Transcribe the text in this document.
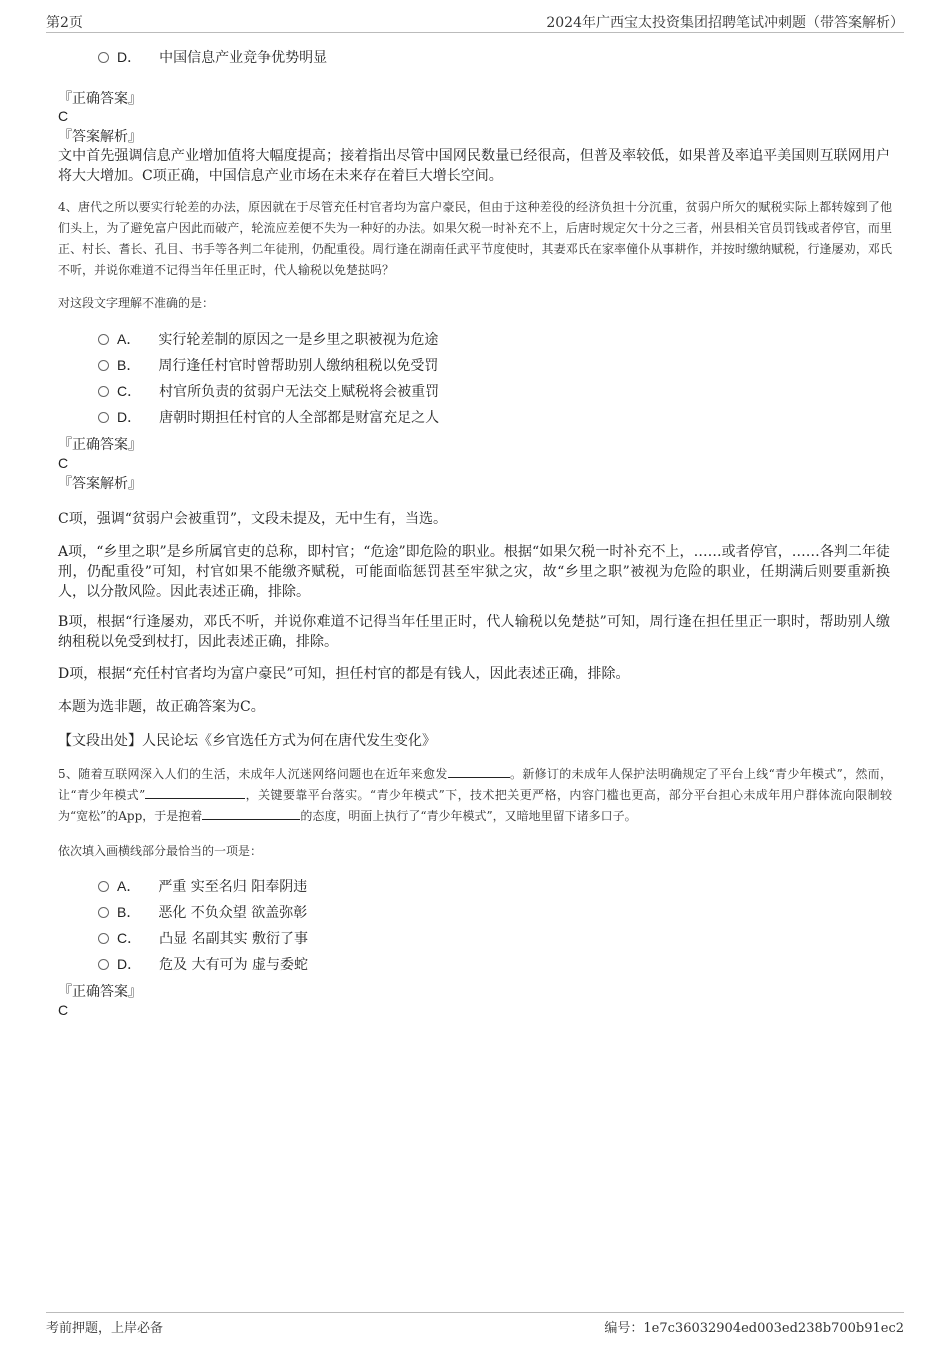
第2页	2024年广西宝太投资集团招聘笔试冲刺题（带答案解析）
D． 中国信息产业竞争优势明显
『正确答案』
C
『答案解析』
文中首先强调信息产业增加值将大幅度提高；接着指出尽管中国网民数量已经很高，但普及率较低，如果普及率追平美国则互联网用户将大大增加。C项正确，中国信息产业市场在未来存在着巨大增长空间。
4、唐代之所以要实行轮差的办法，原因就在于尽管充任村官者均为富户豪民，但由于这种差役的经济负担十分沉重，贫弱户所欠的赋税实际上都转嫁到了他们头上，为了避免富户因此而破产，轮流应差便不失为一种好的办法。如果欠税一时补充不上，后唐时规定欠十分之三者，州县相关官员罚钱或者停官，而里正、村长、耆长、孔目、书手等各判二年徒刑，仍配重役。周行逢在湖南任武平节度使时，其妻邓氏在家率僮仆从事耕作，并按时缴纳赋税，行逢屡劝，邓氏不听，并说你难道不记得当年任里正时，代人输税以免楚挞吗？
对这段文字理解不准确的是：
A． 实行轮差制的原因之一是乡里之职被视为危途
B． 周行逢任村官时曾帮助别人缴纳租税以免受罚
C． 村官所负责的贫弱户无法交上赋税将会被重罚
D． 唐朝时期担任村官的人全部都是财富充足之人
『正确答案』
C
『答案解析』
C项，强调“贫弱户会被重罚”，文段未提及，无中生有，当选。
A项，“乡里之职”是乡所属官吏的总称，即村官；“危途”即危险的职业。根据“如果欠税一时补充不上，……或者停官，……各判二年徒刑，仍配重役”可知，村官如果不能缴齐赋税，可能面临惩罚甚至牢狱之灾，故“乡里之职”被视为危险的职业，任期满后则要重新换人，以分散风险。因此表述正确，排除。
B项，根据“行逢屡劝，邓氏不听，并说你难道不记得当年任里正时，代人输税以免楚挞”可知，周行逢在担任里正一职时，帮助别人缴纳租税以免受到杖打，因此表述正确，排除。
D项，根据“充任村官者均为富户豪民”可知，担任村官的都是有钱人，因此表述正确，排除。
本题为选非题，故正确答案为C。
【文段出处】人民论坛《乡官选任方式为何在唐代发生变化》
5、随着互联网深入人们的生活，未成年人沉迷网络问题也在近年来愈发	。新修订的未成年人保护法明确规定了平台上线“青少年模式”，然而，让“青少年模式”	，关键要靠平台落实。“青少年模式”下，技术把关更严格，内容门槛也更高，部分平台担心未成年用户群体流向限制较为“宽松”的App，于是抱着	的态度，明面上执行了“青少年模式”，又暗地里留下诸多口子。
依次填入画横线部分最恰当的一项是：
A． 严重 实至名归 阳奉阴违
B． 恶化 不负众望 欲盖弥彰
C． 凸显 名副其实 敷衍了事
D． 危及 大有可为 虚与委蛇
『正确答案』
C
考前押题，上岸必备	编号：1e7c36032904ed003ed238b700b91ec2
